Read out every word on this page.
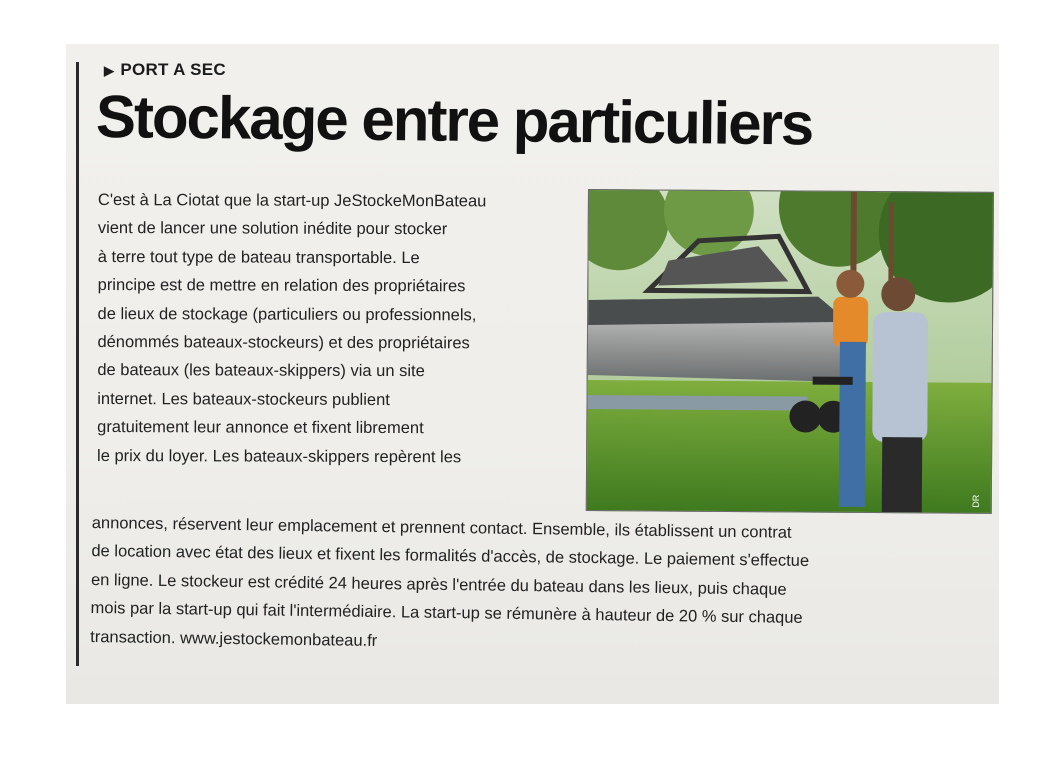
▶ PORT A SEC
Stockage entre particuliers
C'est à La Ciotat que la start-up JeStockeMonBateau
vient de lancer une solution inédite pour stocker
à terre tout type de bateau transportable. Le
principe est de mettre en relation des propriétaires
de lieux de stockage (particuliers ou professionnels,
dénommés bateaux-stockeurs) et des propriétaires
de bateaux (les bateaux-skippers) via un site
internet. Les bateaux-stockeurs publient
gratuitement leur annonce et fixent librement
le prix du loyer. Les bateaux-skippers repèrent les
DR
annonces, réservent leur emplacement et prennent contact. Ensemble, ils établissent un contrat
de location avec état des lieux et fixent les formalités d'accès, de stockage. Le paiement s'effectue
en ligne. Le stockeur est crédité 24 heures après l'entrée du bateau dans les lieux, puis chaque
mois par la start-up qui fait l'intermédiaire. La start-up se rémunère à hauteur de 20 % sur chaque
transaction. www.jestockemonbateau.fr
